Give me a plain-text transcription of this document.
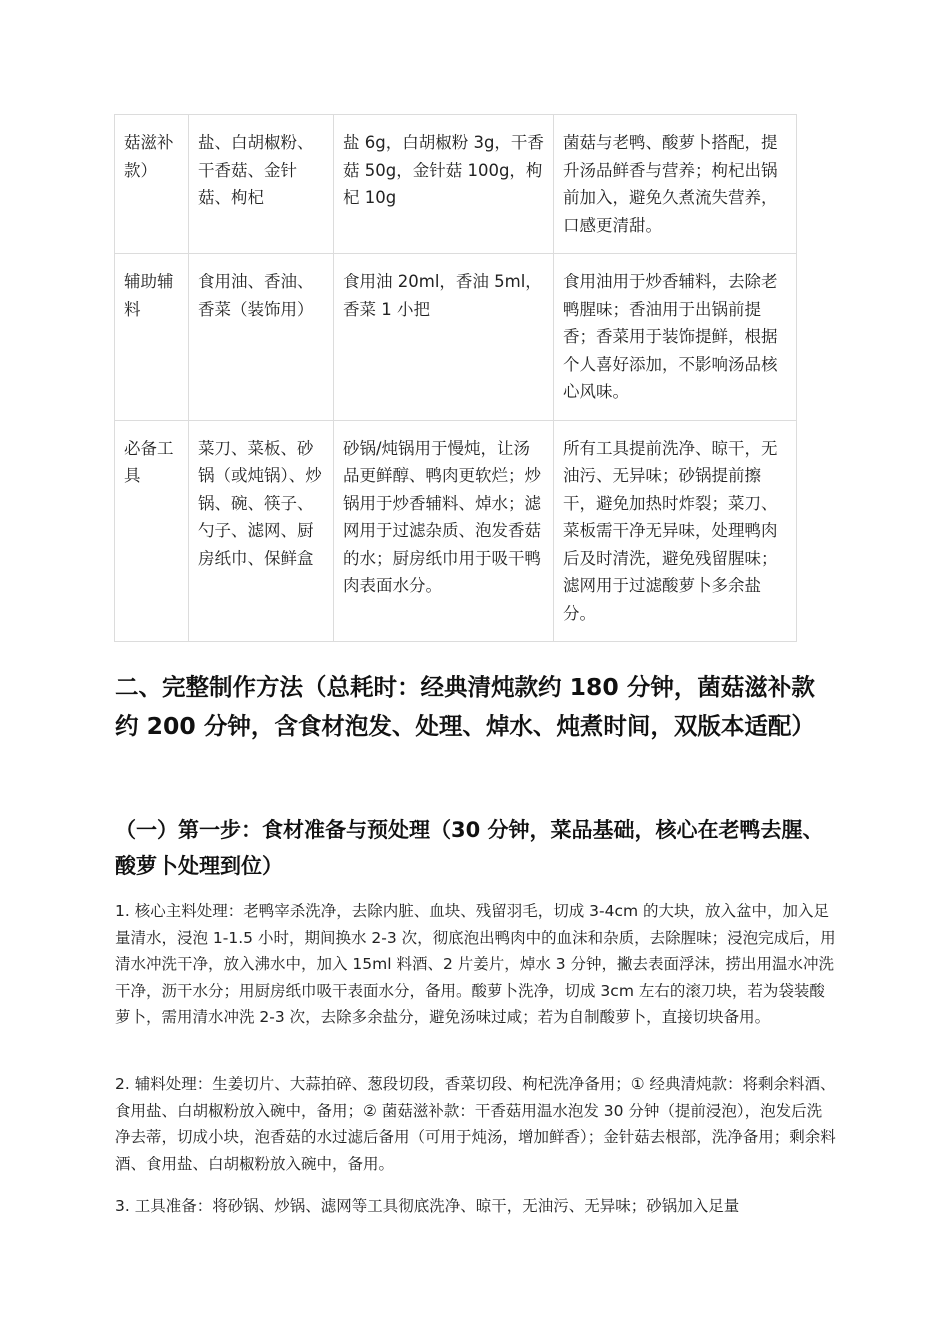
菇滋补款）	盐、白胡椒粉、干香菇、金针菇、枸杞	盐 6g，白胡椒粉 3g，干香菇 50g，金针菇 100g，枸杞 10g	菌菇与老鸭、酸萝卜搭配，提升汤品鲜香与营养；枸杞出锅前加入，避免久煮流失营养，口感更清甜。
辅助辅料	食用油、香油、香菜（装饰用）	食用油 20ml，香油 5ml，香菜 1 小把	食用油用于炒香辅料，去除老鸭腥味；香油用于出锅前提香；香菜用于装饰提鲜，根据个人喜好添加，不影响汤品核心风味。
必备工具	菜刀、菜板、砂锅（或炖锅）、炒锅、碗、筷子、勺子、滤网、厨房纸巾、保鲜盒	砂锅/炖锅用于慢炖，让汤品更鲜醇、鸭肉更软烂；炒锅用于炒香辅料、焯水；滤网用于过滤杂质、泡发香菇的水；厨房纸巾用于吸干鸭肉表面水分。	所有工具提前洗净、晾干，无油污、无异味；砂锅提前擦干，避免加热时炸裂；菜刀、菜板需干净无异味，处理鸭肉后及时清洗，避免残留腥味；滤网用于过滤酸萝卜多余盐分。
二、完整制作方法（总耗时：经典清炖款约 180 分钟，菌菇滋补款约 200 分钟，含食材泡发、处理、焯水、炖煮时间，双版本适配）
（一）第一步：食材准备与预处理（30 分钟，菜品基础，核心在老鸭去腥、酸萝卜处理到位）

1. 核心主料处理：老鸭宰杀洗净，去除内脏、血块、残留羽毛，切成 3-4cm 的大块，放入盆中，加入足量清水，浸泡 1-1.5 小时，期间换水 2-3 次，彻底泡出鸭肉中的血沫和杂质，去除腥味；浸泡完成后，用清水冲洗干净，放入沸水中，加入 15ml 料酒、2 片姜片，焯水 3 分钟，撇去表面浮沫，捞出用温水冲洗干净，沥干水分；用厨房纸巾吸干表面水分，备用。酸萝卜洗净，切成 3cm 左右的滚刀块，若为袋装酸萝卜，需用清水冲洗 2-3 次，去除多余盐分，避免汤味过咸；若为自制酸萝卜，直接切块备用。

2. 辅料处理：生姜切片、大蒜拍碎、葱段切段，香菜切段、枸杞洗净备用；① 经典清炖款：将剩余料酒、食用盐、白胡椒粉放入碗中，备用；② 菌菇滋补款：干香菇用温水泡发 30 分钟（提前浸泡），泡发后洗净去蒂，切成小块，泡香菇的水过滤后备用（可用于炖汤，增加鲜香）；金针菇去根部，洗净备用；剩余料酒、食用盐、白胡椒粉放入碗中，备用。

3. 工具准备：将砂锅、炒锅、滤网等工具彻底洗净、晾干，无油污、无异味；砂锅加入足量
